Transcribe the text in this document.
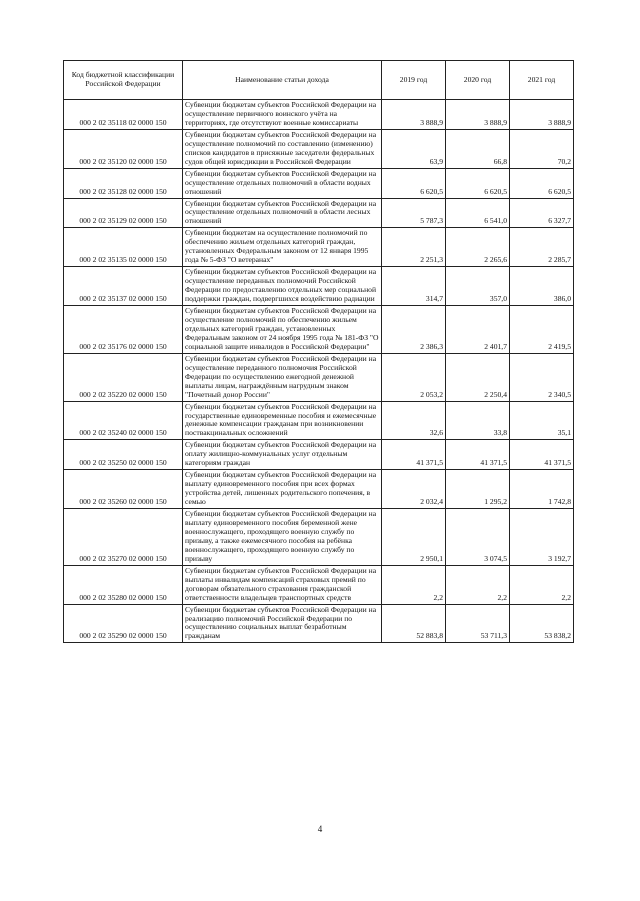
Код бюджетной классификации Российской Федерации	Наименование статьи дохода	2019 год	2020 год	2021 год
000 2 02 35118 02 0000 150	Субвенции бюджетам субъектов Российской Федерации на осуществление первичного воинского учёта на территориях, где отсутствуют военные комиссариаты	3 888,9	3 888,9	3 888,9
000 2 02 35120 02 0000 150	Субвенции бюджетам субъектов Российской Федерации на осуществление полномочий по составлению (изменению) списков кандидатов в присяжные заседатели федеральных судов общей юрисдикции в Российской Федерации	63,9	66,8	70,2
000 2 02 35128 02 0000 150	Субвенции бюджетам субъектов Российской Федерации на осуществление отдельных полномочий в области водных отношений	6 620,5	6 620,5	6 620,5
000 2 02 35129 02 0000 150	Субвенции бюджетам субъектов Российской Федерации на осуществление отдельных полномочий в области лесных отношений	5 787,3	6 541,0	6 327,7
000 2 02 35135 02 0000 150	Субвенции бюджетам на осуществление полномочий по обеспечению жильем отдельных категорий граждан, установленных Федеральным законом от 12 января 1995 года № 5-ФЗ "О ветеранах"	2 251,3	2 265,6	2 285,7
000 2 02 35137 02 0000 150	Субвенции бюджетам субъектов Российской Федерации на осуществление переданных полномочий Российской Федерации по предоставлению отдельных мер социальной поддержки граждан, подвергшихся воздействию радиации	314,7	357,0	386,0
000 2 02 35176 02 0000 150	Субвенции бюджетам субъектов Российской Федерации на осуществление полномочий по обеспечению жильем отдельных категорий граждан, установленных Федеральным законом от 24 ноября 1995 года № 181-ФЗ "О социальной защите инвалидов в Российской Федерации"	2 386,3	2 401,7	2 419,5
000 2 02 35220 02 0000 150	Субвенции бюджетам субъектов Российской Федерации на осуществление переданного полномочия Российской Федерации по осуществлению ежегодной денежной выплаты лицам, награждённым нагрудным знаком "Почетный донор России"	2 053,2	2 250,4	2 340,5
000 2 02 35240 02 0000 150	Субвенции бюджетам субъектов Российской Федерации на государственные единовременные пособия и ежемесячные денежные компенсации гражданам при возникновении поствакцинальных осложнений	32,6	33,8	35,1
000 2 02 35250 02 0000 150	Субвенции бюджетам субъектов Российской Федерации на оплату жилищно-коммунальных услуг отдельным категориям граждан	41 371,5	41 371,5	41 371,5
000 2 02 35260 02 0000 150	Субвенции бюджетам субъектов Российской Федерации на выплату единовременного пособия при всех формах устройства детей, лишенных родительского попечения, в семью	2 032,4	1 295,2	1 742,8
000 2 02 35270 02 0000 150	Субвенции бюджетам субъектов Российской Федерации на выплату единовременного пособия беременной жене военнослужащего, проходящего военную службу по призыву, а также ежемесячного пособия на ребёнка военнослужащего, проходящего военную службу по призыву	2 950,1	3 074,5	3 192,7
000 2 02 35280 02 0000 150	Субвенции бюджетам субъектов Российской Федерации на выплаты инвалидам компенсаций страховых премий по договорам обязательного страхования гражданской ответственности владельцев транспортных средств	2,2	2,2	2,2
000 2 02 35290 02 0000 150	Субвенции бюджетам субъектов Российской Федерации на реализацию полномочий Российской Федерации по осуществлению социальных выплат безработным гражданам	52 883,8	53 711,3	53 838,2
4
